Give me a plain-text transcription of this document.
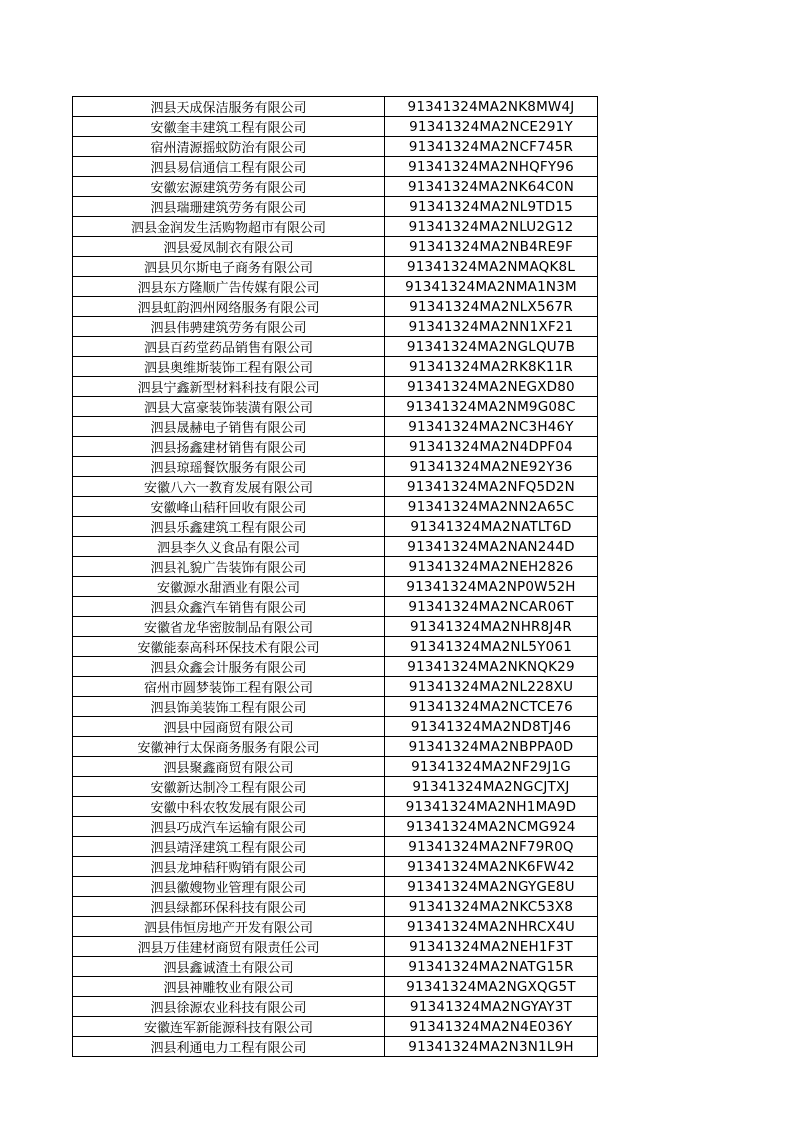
泗县天成保洁服务有限公司	91341324MA2NK8MW4J
安徽奎丰建筑工程有限公司	91341324MA2NCE291Y
宿州清源摇蚊防治有限公司	91341324MA2NCF745R
泗县易信通信工程有限公司	91341324MA2NHQFY96
安徽宏源建筑劳务有限公司	91341324MA2NK64C0N
泗县瑞珊建筑劳务有限公司	91341324MA2NL9TD15
泗县金润发生活购物超市有限公司	91341324MA2NLU2G12
泗县爱凤制衣有限公司	91341324MA2NB4RE9F
泗县贝尔斯电子商务有限公司	91341324MA2NMAQK8L
泗县东方隆顺广告传媒有限公司	91341324MA2NMA1N3M
泗县虹韵泗州网络服务有限公司	91341324MA2NLX567R
泗县伟骋建筑劳务有限公司	91341324MA2NN1XF21
泗县百药堂药品销售有限公司	91341324MA2NGLQU7B
泗县奥维斯装饰工程有限公司	91341324MA2RK8K11R
泗县宁鑫新型材料科技有限公司	91341324MA2NEGXD80
泗县大富豪装饰装潢有限公司	91341324MA2NM9G08C
泗县晟赫电子销售有限公司	91341324MA2NC3H46Y
泗县扬鑫建材销售有限公司	91341324MA2N4DPF04
泗县琼瑶餐饮服务有限公司	91341324MA2NE92Y36
安徽八六一教育发展有限公司	91341324MA2NFQ5D2N
安徽峰山秸秆回收有限公司	91341324MA2NN2A65C
泗县乐鑫建筑工程有限公司	91341324MA2NATLT6D
泗县李久义食品有限公司	91341324MA2NAN244D
泗县礼貌广告装饰有限公司	91341324MA2NEH2826
安徽源水甜酒业有限公司	91341324MA2NP0W52H
泗县众鑫汽车销售有限公司	91341324MA2NCAR06T
安徽省龙华密胺制品有限公司	91341324MA2NHR8J4R
安徽能泰高科环保技术有限公司	91341324MA2NL5Y061
泗县众鑫会计服务有限公司	91341324MA2NKNQK29
宿州市圆梦装饰工程有限公司	91341324MA2NL228XU
泗县饰美装饰工程有限公司	91341324MA2NCTCE76
泗县中园商贸有限公司	91341324MA2ND8TJ46
安徽神行太保商务服务有限公司	91341324MA2NBPPA0D
泗县聚鑫商贸有限公司	91341324MA2NF29J1G
安徽新达制冷工程有限公司	91341324MA2NGCJTXJ
安徽中科农牧发展有限公司	91341324MA2NH1MA9D
泗县巧成汽车运输有限公司	91341324MA2NCMG924
泗县靖泽建筑工程有限公司	91341324MA2NF79R0Q
泗县龙坤秸秆购销有限公司	91341324MA2NK6FW42
泗县徽嫂物业管理有限公司	91341324MA2NGYGE8U
泗县绿都环保科技有限公司	91341324MA2NKC53X8
泗县伟恒房地产开发有限公司	91341324MA2NHRCX4U
泗县万佳建材商贸有限责任公司	91341324MA2NEH1F3T
泗县鑫诚渣土有限公司	91341324MA2NATG15R
泗县神雕牧业有限公司	91341324MA2NGXQG5T
泗县徐源农业科技有限公司	91341324MA2NGYAY3T
安徽连军新能源科技有限公司	91341324MA2N4E036Y
泗县利通电力工程有限公司	91341324MA2N3N1L9H
